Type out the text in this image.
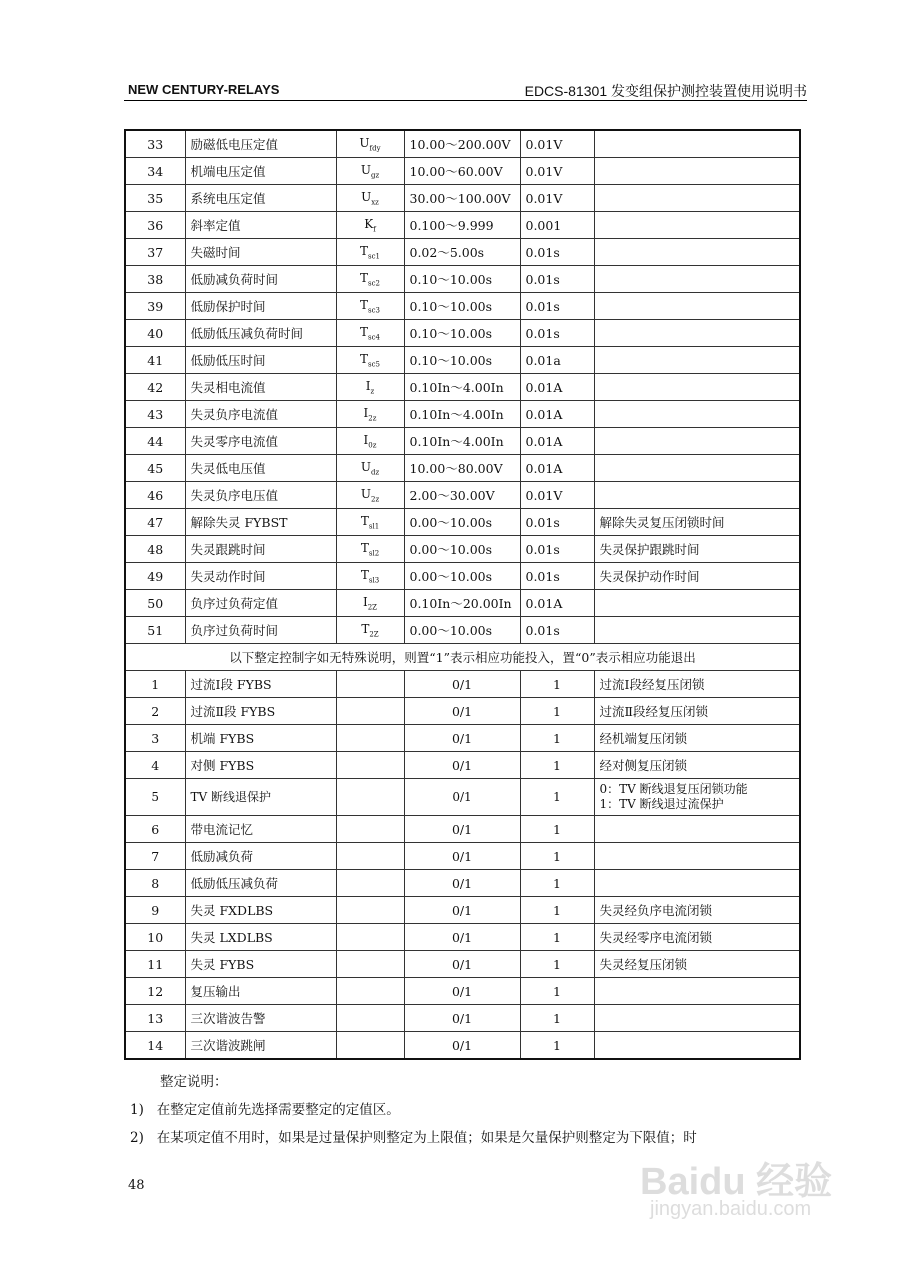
NEW CENTURY-RELAYS	EDCS-81301 发变组保护测控装置使用说明书
33	励磁低电压定值	$U_{fdy}$	10.00～200.00V	0.01V	
34	机端电压定值	$U_{gz}$	10.00～60.00V	0.01V	
35	系统电压定值	$U_{xz}$	30.00～100.00V	0.01V	
36	斜率定值	$K_f$	0.100～9.999	0.001	
37	失磁时间	$T_{sc1}$	0.02～5.00s	0.01s	
38	低励减负荷时间	$T_{sc2}$	0.10～10.00s	0.01s	
39	低励保护时间	$T_{sc3}$	0.10～10.00s	0.01s	
40	低励低压减负荷时间	$T_{sc4}$	0.10～10.00s	0.01s	
41	低励低压时间	$T_{sc5}$	0.10～10.00s	0.01a	
42	失灵相电流值	$I_z$	0.10In～4.00In	0.01A	
43	失灵负序电流值	$I_{2z}$	0.10In～4.00In	0.01A	
44	失灵零序电流值	$I_{0z}$	0.10In～4.00In	0.01A	
45	失灵低电压值	$U_{dz}$	10.00～80.00V	0.01A	
46	失灵负序电压值	$U_{2z}$	2.00～30.00V	0.01V	
47	解除失灵 FYBST	$T_{sl1}$	0.00～10.00s	0.01s	解除失灵复压闭锁时间
48	失灵跟跳时间	$T_{sl2}$	0.00～10.00s	0.01s	失灵保护跟跳时间
49	失灵动作时间	$T_{sl3}$	0.00～10.00s	0.01s	失灵保护动作时间
50	负序过负荷定值	$I_{2Z}$	0.10In～20.00In	0.01A	
51	负序过负荷时间	$T_{2Z}$	0.00～10.00s	0.01s	
以下整定控制字如无特殊说明，则置“1”表示相应功能投入，置“0”表示相应功能退出					
1	过流Ⅰ段 FYBS		0/1	1	过流Ⅰ段经复压闭锁

2	过流Ⅱ段 FYBS		0/1	1	过流Ⅱ段经复压闭锁

3	机端 FYBS		0/1	1	经机端复压闭锁

4	对侧 FYBS		0/1	1	经对侧复压闭锁

5	TV 断线退保护		0/1	1	0：TV 断线退复压闭锁功能
1：TV 断线退过流保护

6	带电流记忆		0/1	1	

7	低励减负荷		0/1	1	

8	低励低压减负荷		0/1	1	

9	失灵 FXDLBS		0/1	1	失灵经负序电流闭锁

10	失灵 LXDLBS		0/1	1	失灵经零序电流闭锁

11	失灵 FYBS		0/1	1	失灵经复压闭锁

12	复压输出		0/1	1	

13	三次谐波告警		0/1	1	

14	三次谐波跳闸		0/1	1	
整定说明：
1) 在整定定值前先选择需要整定的定值区。
2) 在某项定值不用时，如果是过量保护则整定为上限值；如果是欠量保护则整定为下限值；时
48	Baidu 经验
jingyan.baidu.com
